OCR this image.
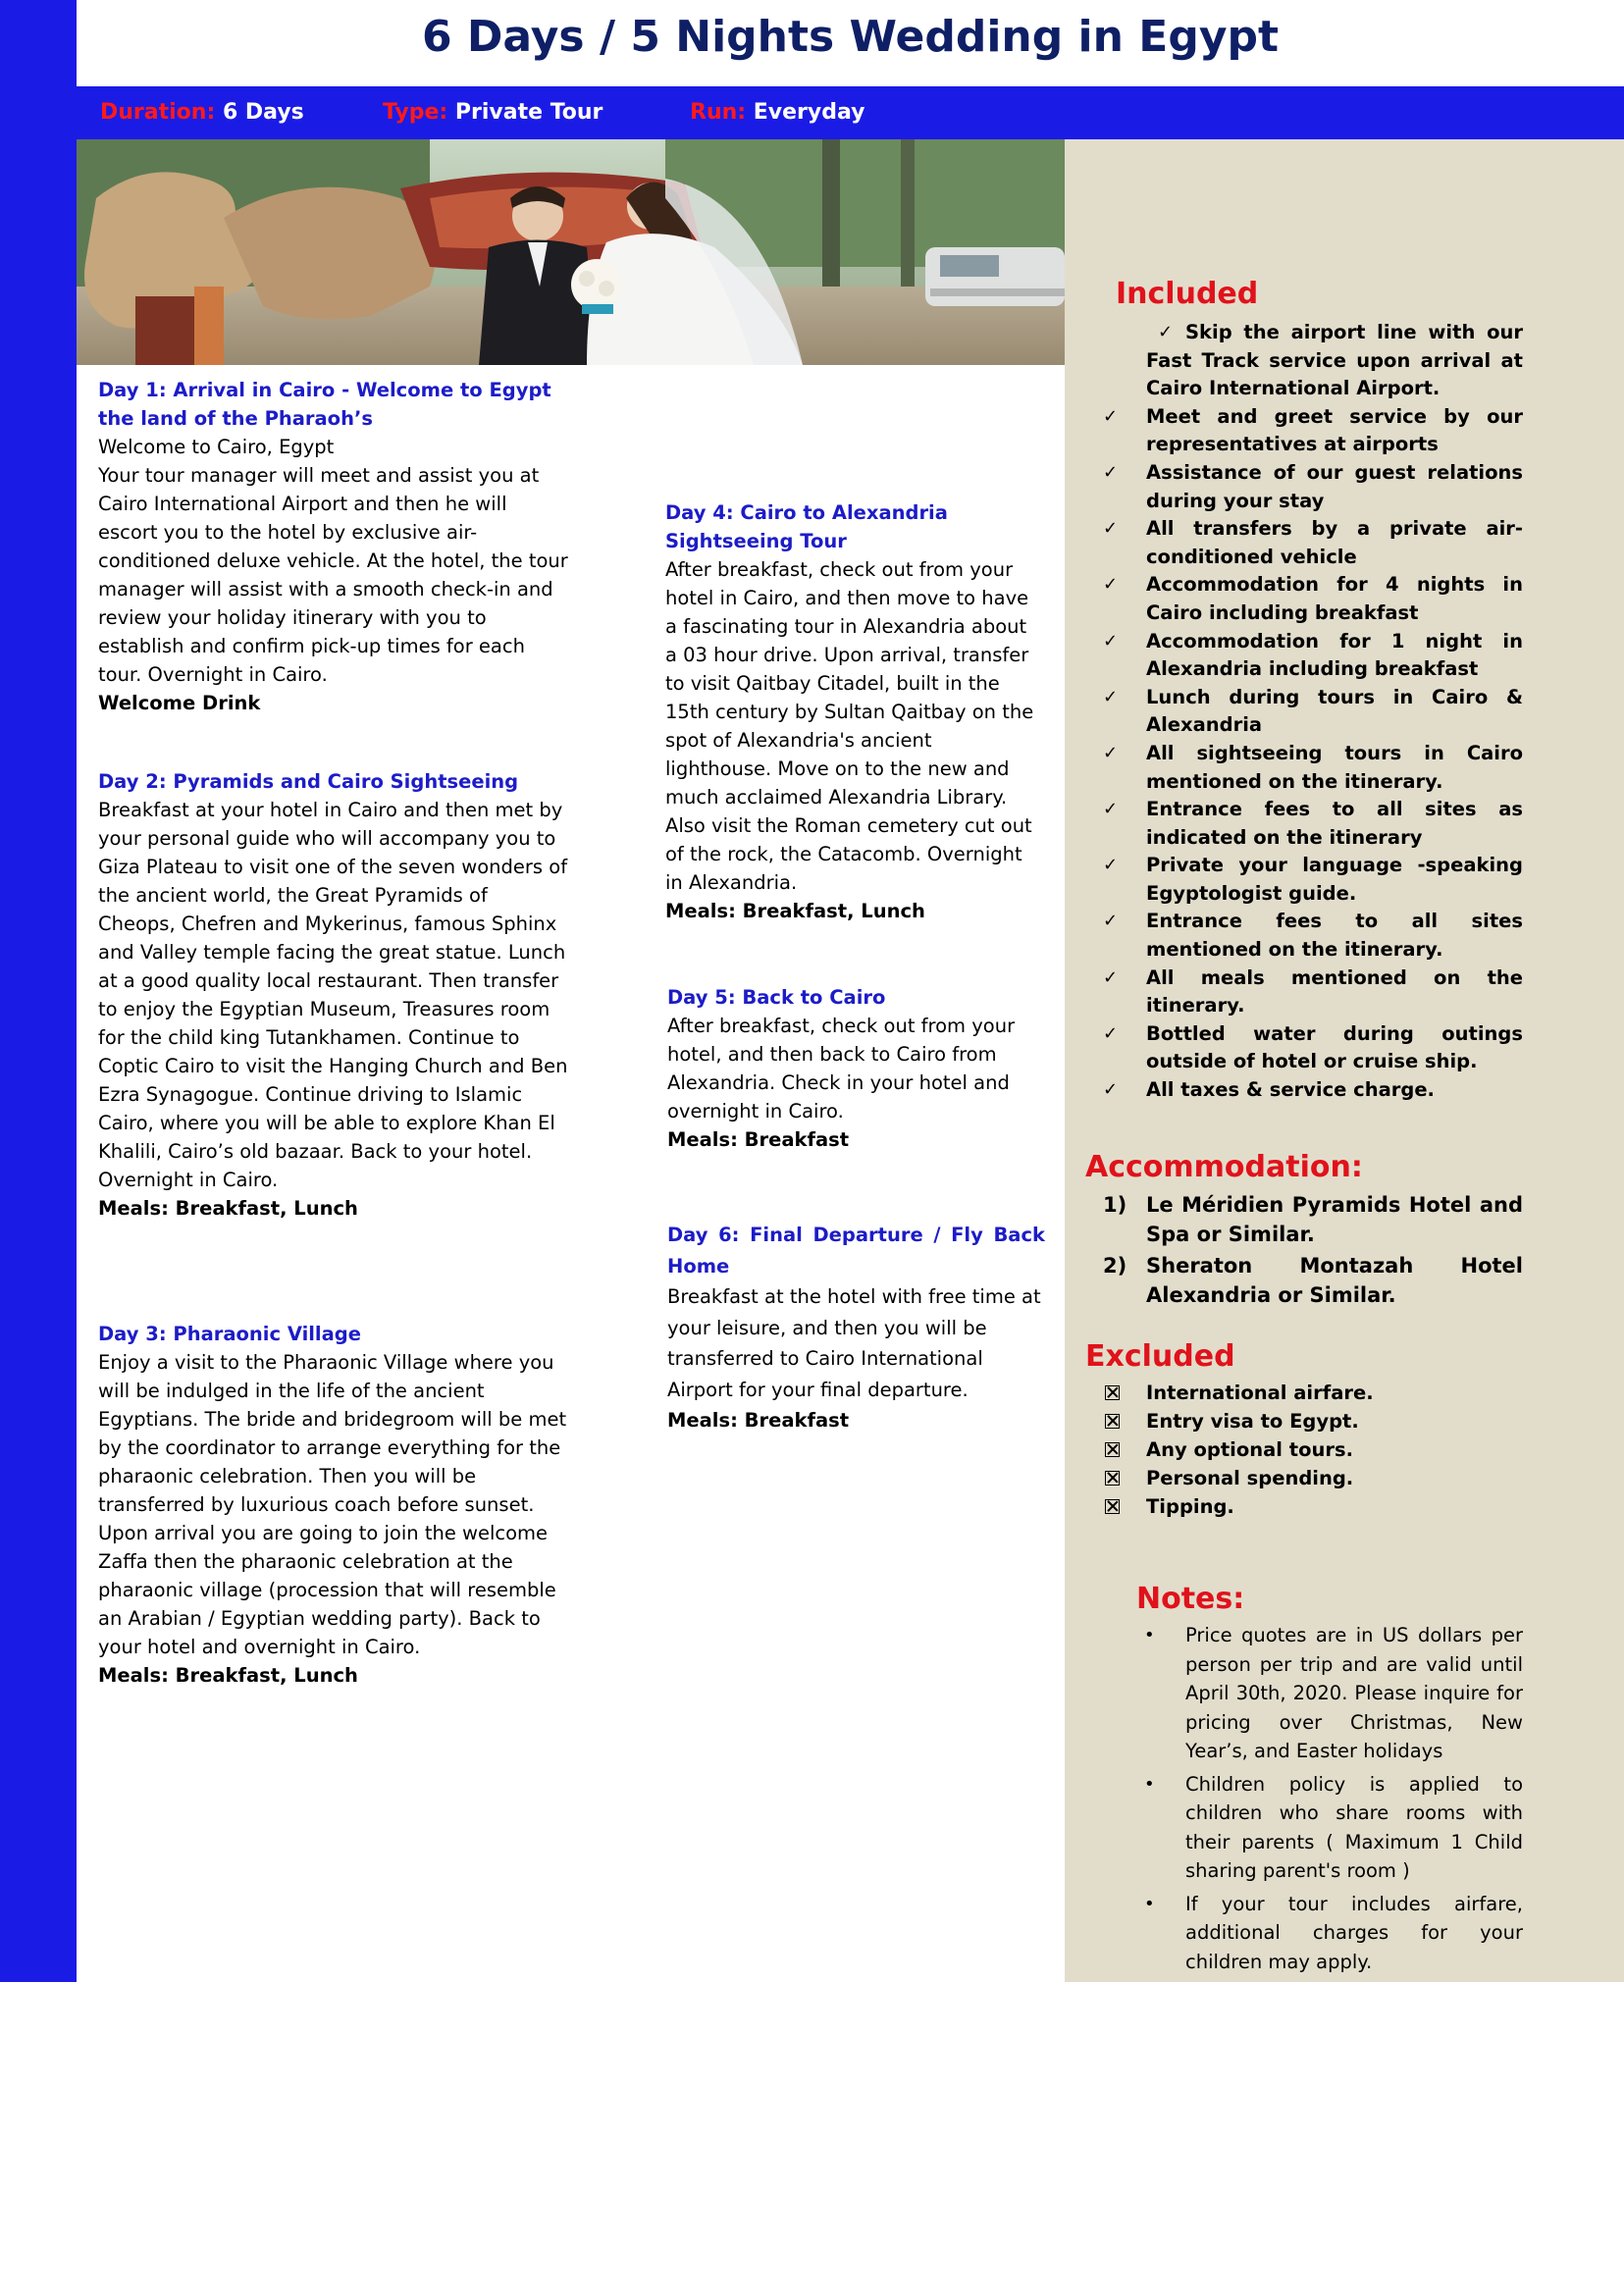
6 Days / 5 Nights Wedding in Egypt
Duration: 6 Days	Type: Private Tour	Run: Everyday
Day 1: Arrival in Cairo - Welcome to Egypt the land of the Pharaoh’s
Welcome to Cairo, Egypt
Your tour manager will meet and assist you at Cairo International Airport and then he will escort you to the hotel by exclusive air-conditioned deluxe vehicle. At the hotel, the tour manager will assist with a smooth check-in and review your holiday itinerary with you to establish and confirm pick-up times for each tour. Overnight in Cairo.
Welcome Drink
Day 2: Pyramids and Cairo Sightseeing
Breakfast at your hotel in Cairo and then met by your personal guide who will accompany you to Giza Plateau to visit one of the seven wonders of the ancient world, the Great Pyramids of Cheops, Chefren and Mykerinus, famous Sphinx and Valley temple facing the great statue. Lunch at a good quality local restaurant. Then transfer to enjoy the Egyptian Museum, Treasures room for the child king Tutankhamen. Continue to Coptic Cairo to visit the Hanging Church and Ben Ezra Synagogue. Continue driving to Islamic Cairo, where you will be able to explore Khan El Khalili, Cairo’s old bazaar. Back to your hotel. Overnight in Cairo.
Meals: Breakfast, Lunch
Day 3: Pharaonic Village
Enjoy a visit to the Pharaonic Village where you will be indulged in the life of the ancient Egyptians. The bride and bridegroom will be met by the coordinator to arrange everything for the pharaonic celebration. Then you will be transferred by luxurious coach before sunset. Upon arrival you are going to join the welcome Zaffa then the pharaonic celebration at the pharaonic village (procession that will resemble an Arabian / Egyptian wedding party). Back to your hotel and overnight in Cairo.
Meals: Breakfast, Lunch
Day 4: Cairo to Alexandria Sightseeing Tour
After breakfast, check out from your hotel in Cairo, and then move to have a fascinating tour in Alexandria about a 03 hour drive. Upon arrival, transfer to visit Qaitbay Citadel, built in the 15th century by Sultan Qaitbay on the spot of Alexandria's ancient lighthouse. Move on to the new and much acclaimed Alexandria Library. Also visit the Roman cemetery cut out of the rock, the Catacomb. Overnight in Alexandria.
Meals: Breakfast, Lunch
Day 5: Back to Cairo
After breakfast, check out from your hotel, and then back to Cairo from Alexandria. Check in your hotel and overnight in Cairo.
Meals: Breakfast
Day 6: Final Departure / Fly Back Home
Breakfast at the hotel with free time at your leisure, and then you will be transferred to Cairo International Airport for your final departure.
Meals: Breakfast
Included
✓ Skip the airport line with our Fast Track service upon arrival at Cairo International Airport.
✓ Meet and greet service by our representatives at airports
✓ Assistance of our guest relations during your stay
✓ All transfers by a private air-conditioned vehicle
✓ Accommodation for 4 nights in Cairo including breakfast
✓ Accommodation for 1 night in Alexandria including breakfast
✓ Lunch during tours in Cairo & Alexandria
✓ All sightseeing tours in Cairo mentioned on the itinerary.
✓ Entrance fees to all sites as indicated on the itinerary
✓ Private your language -speaking Egyptologist guide.
✓ Entrance fees to all sites mentioned on the itinerary.
✓ All meals mentioned on the itinerary.
✓ Bottled water during outings outside of hotel or cruise ship.
✓ All taxes & service charge.
Accommodation:
1) Le Méridien Pyramids Hotel and Spa or Similar.
2) Sheraton Montazah Hotel Alexandria or Similar.
Excluded
International airfare.
Entry visa to Egypt.
Any optional tours.
Personal spending.
Tipping.
Notes:
• Price quotes are in US dollars per person per trip and are valid until April 30th, 2020. Please inquire for pricing over Christmas, New Year’s, and Easter holidays
• Children policy is applied to children who share rooms with their parents ( Maximum 1 Child sharing parent's room )
• If your tour includes airfare, additional charges for your children may apply.
